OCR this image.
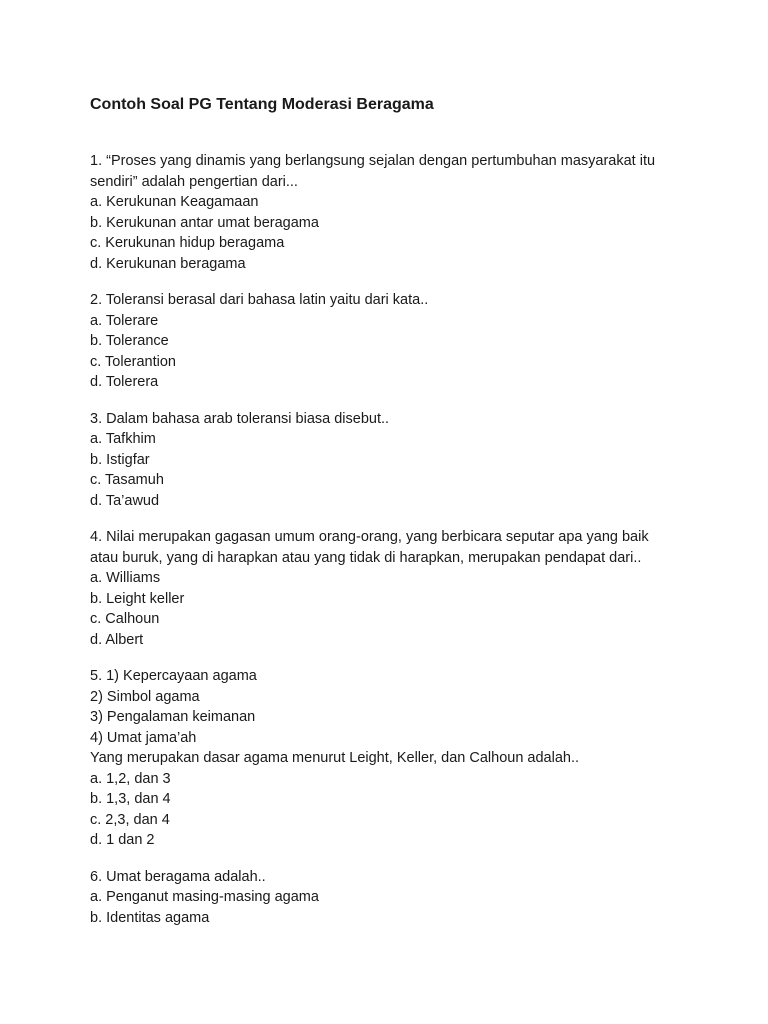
Contoh Soal PG Tentang Moderasi Beragama
1. “Proses yang dinamis yang berlangsung sejalan dengan pertumbuhan masyarakat itu
sendiri” adalah pengertian dari...
a. Kerukunan Keagamaan
b. Kerukunan antar umat beragama
c. Kerukunan hidup beragama
d. Kerukunan beragama
2. Toleransi berasal dari bahasa latin yaitu dari kata..
a. Tolerare
b. Tolerance
c. Tolerantion
d. Tolerera
3. Dalam bahasa arab toleransi biasa disebut..
a. Tafkhim
b. Istigfar
c. Tasamuh
d. Ta’awud
4. Nilai merupakan gagasan umum orang-orang, yang berbicara seputar apa yang baik
atau buruk, yang di harapkan atau yang tidak di harapkan, merupakan pendapat dari..
a. Williams
b. Leight keller
c. Calhoun
d. Albert
5. 1) Kepercayaan agama
2) Simbol agama
3) Pengalaman keimanan
4) Umat jama’ah
Yang merupakan dasar agama menurut Leight, Keller, dan Calhoun adalah..
a. 1,2, dan 3
b. 1,3, dan 4
c. 2,3, dan 4
d. 1 dan 2
6. Umat beragama adalah..
a. Penganut masing-masing agama
b. Identitas agama
